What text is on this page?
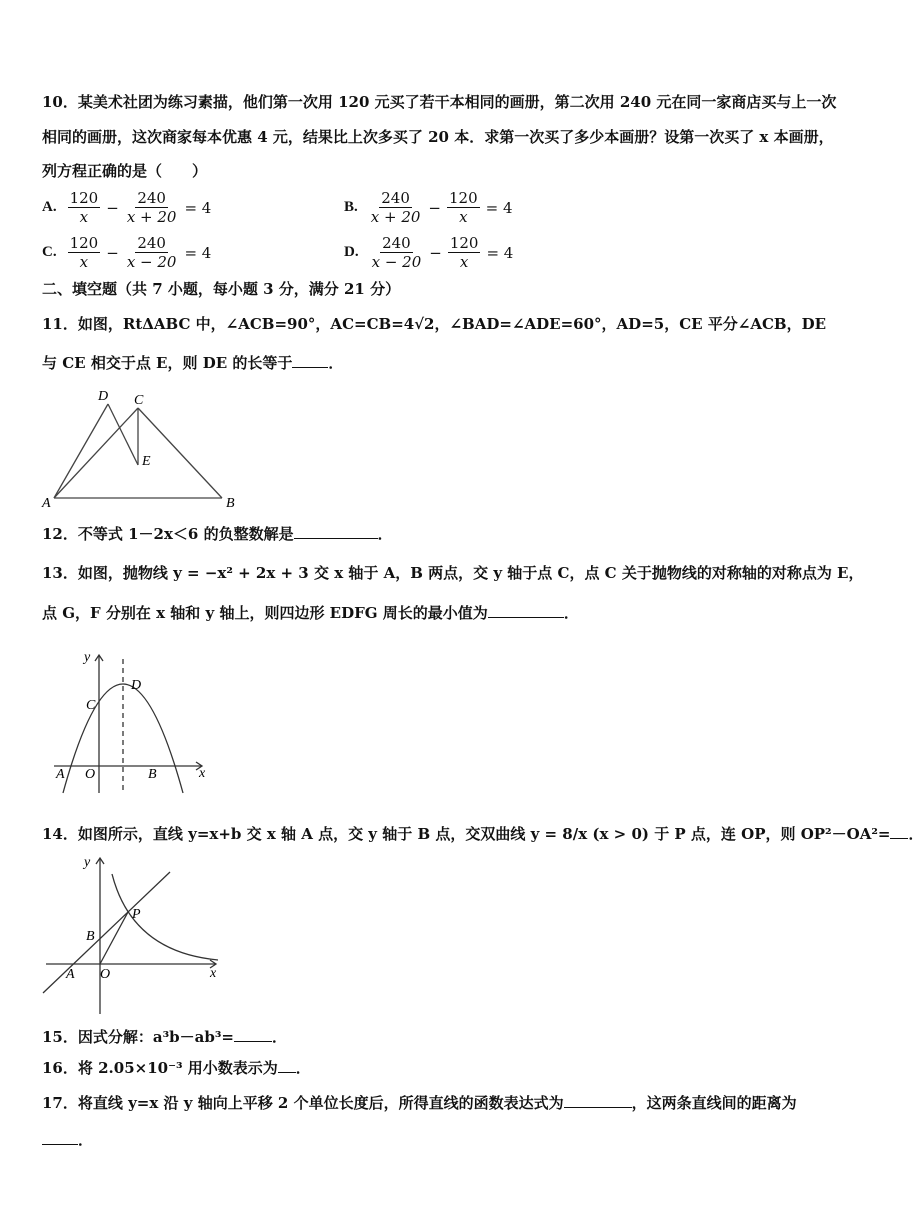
10．某美术社团为练习素描，他们第一次用 120 元买了若干本相同的画册，第二次用 240 元在同一家商店买与上一次
相同的画册，这次商家每本优惠 4 元，结果比上次多买了 20 本．求第一次买了多少本画册？设第一次买了 x 本画册，
列方程正确的是（　　）
A. $\frac{120}{x} - \frac{240}{x + 20} = 4$	B. $\frac{240}{x + 20} - \frac{120}{x} = 4$
C. $\frac{120}{x} - \frac{240}{x - 20} = 4$	D. $\frac{240}{x - 20} - \frac{120}{x} = 4$
二、填空题（共 7 小题，每小题 3 分，满分 21 分）
11．如图，RtΔABC 中，∠ACB=90°，AC=CB=4√2，∠BAD=∠ADE=60°，AD=5，CE 平分∠ACB，DE
与 CE 相交于点 E，则 DE 的长等于 ．
D C
E
A	B
12．不等式 1－2x＜6 的负整数解是	．
13．如图，抛物线 y = −x² + 2x + 3 交 x 轴于 A，B 两点，交 y 轴于点 C，点 C 关于抛物线的对称轴的对称点为 E，
点 G，F 分别在 x 轴和 y 轴上，则四边形 EDFG 周长的最小值为	．
y
x
C
D
A O	B
14．如图所示，直线 y=x+b 交 x 轴 A 点，交 y 轴于 B 点，交双曲线 y = 8/x (x > 0) 于 P 点，连 OP，则 OP²－OA²= ．
y
x
B
P
A O
15．因式分解：a³b－ab³=	．
16．将 2.05×10⁻³ 用小数表示为 ．
17．将直线 y=x 沿 y 轴向上平移 2 个单位长度后，所得直线的函数表达式为	，这两条直线间的距离为
．
